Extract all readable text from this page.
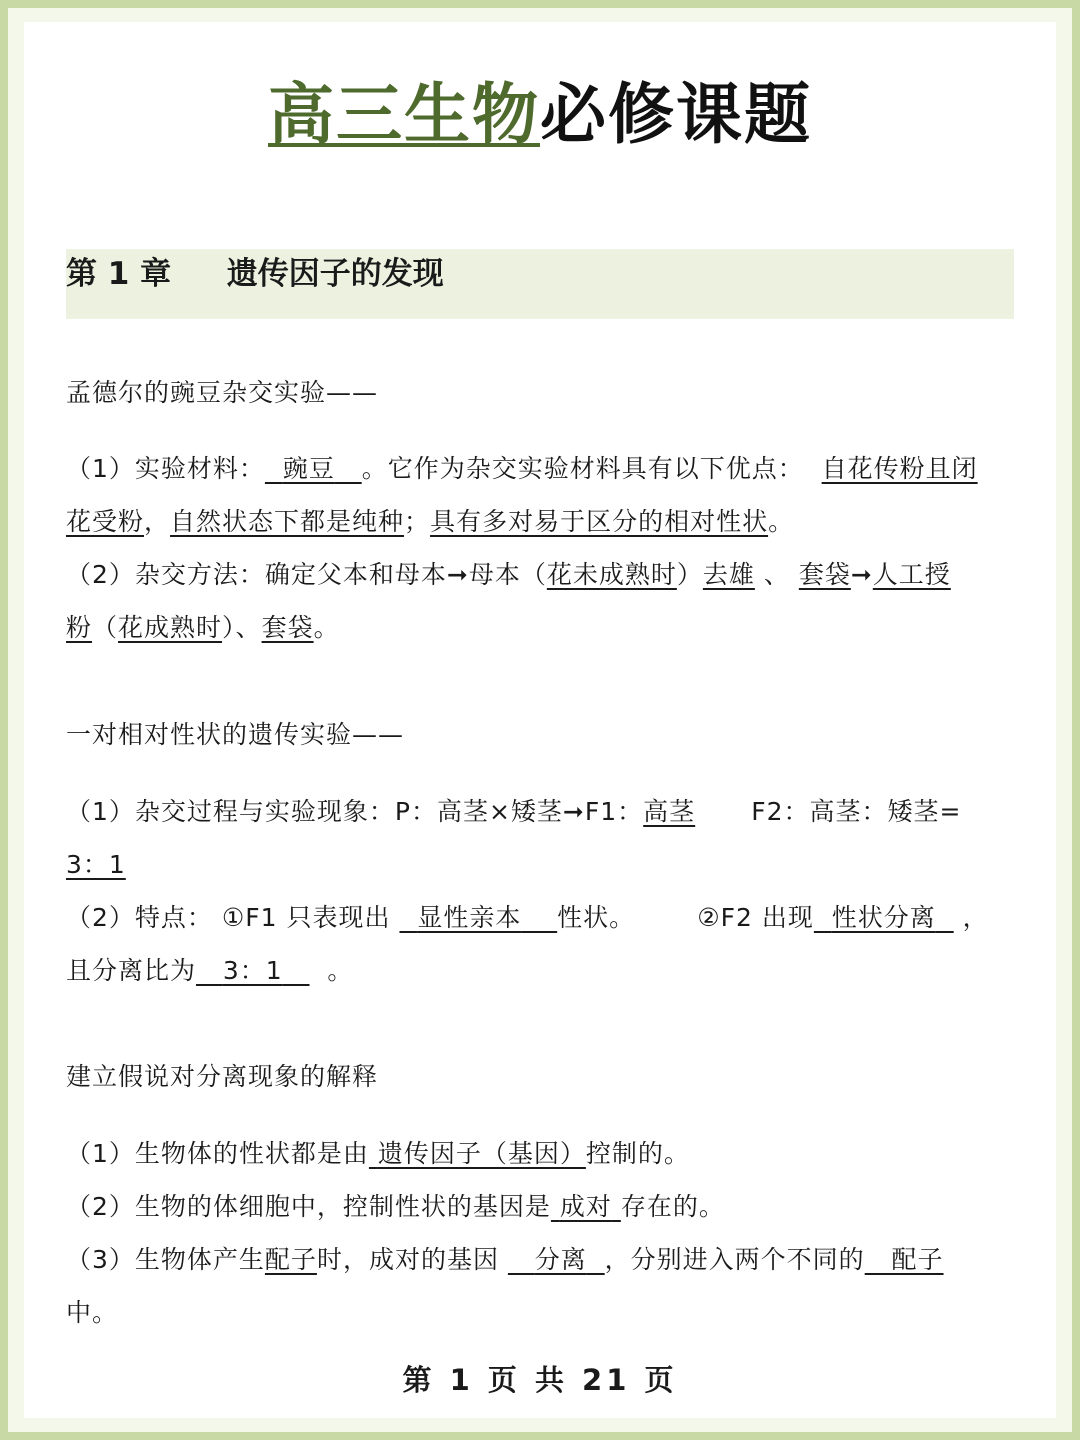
高三生物必修课题
第 1 章 遗传因子的发现
孟德尔的豌豆杂交实验——
（1）实验材料： 豌豆 。它作为杂交实验材料具有以下优点： 自花传粉且闭
花受粉，自然状态下都是纯种；具有多对易于区分的相对性状。
（2）杂交方法：确定父本和母本➞母本（花未成熟时）去雄 、 套袋➞人工授
粉（花成熟时）、套袋。
一对相对性状的遗传实验——
（1）杂交过程与实验现象：P：高茎×矮茎➞F1：高茎 F2：高茎：矮茎=
3：1
（2）特点： ①F1 只表现出 显性亲本 性状。 ②F2 出现 性状分离 ，
且分离比为 3：1 。
建立假说对分离现象的解释
（1）生物体的性状都是由 遗传因子（基因）控制的。
（2）生物的体细胞中，控制性状的基因是 成对 存在的。
（3）生物体产生配子时，成对的基因 分离 ，分别进入两个不同的 配子
中。
第 1 页 共 21 页
